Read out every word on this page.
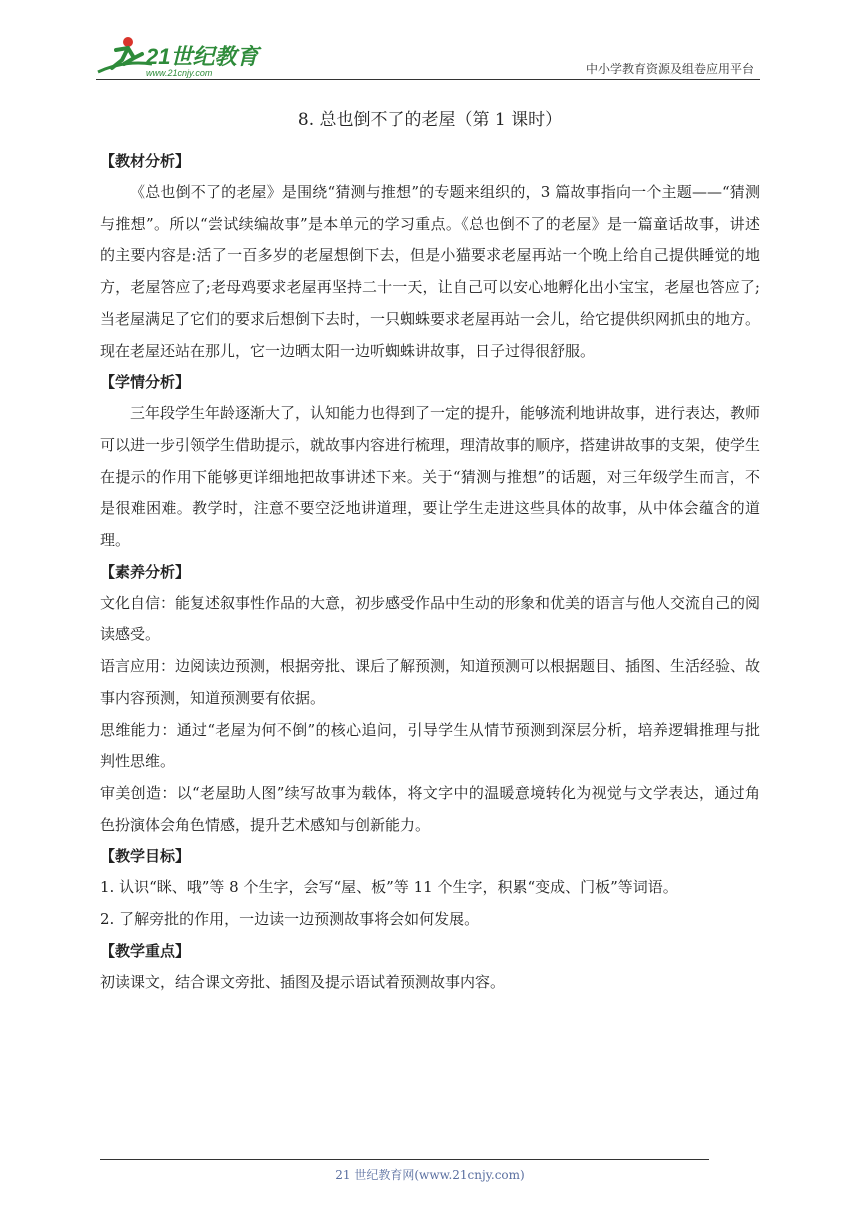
21世纪教育
www.21cnjy.com	中小学教育资源及组卷应用平台
8. 总也倒不了的老屋（第 1 课时）
【教材分析】

《总也倒不了的老屋》是围绕“猜测与推想”的专题来组织的，3 篇故事指向一个主题——“猜测与推想”。所以“尝试续编故事”是本单元的学习重点。《总也倒不了的老屋》是一篇童话故事，讲述的主要内容是:活了一百多岁的老屋想倒下去，但是小猫要求老屋再站一个晚上给自己提供睡觉的地方，老屋答应了;老母鸡要求老屋再坚持二十一天，让自己可以安心地孵化出小宝宝，老屋也答应了;当老屋满足了它们的要求后想倒下去时，一只蜘蛛要求老屋再站一会儿，给它提供织网抓虫的地方。现在老屋还站在那儿，它一边晒太阳一边听蜘蛛讲故事，日子过得很舒服。

【学情分析】

三年段学生年龄逐渐大了，认知能力也得到了一定的提升，能够流利地讲故事，进行表达，教师可以进一步引领学生借助提示，就故事内容进行梳理，理清故事的顺序，搭建讲故事的支架，使学生在提示的作用下能够更详细地把故事讲述下来。关于“猜测与推想”的话题，对三年级学生而言，不是很难困难。教学时，注意不要空泛地讲道理，要让学生走进这些具体的故事，从中体会蕴含的道理。

【素养分析】

文化自信：能复述叙事性作品的大意，初步感受作品中生动的形象和优美的语言与他人交流自己的阅读感受。

语言应用：边阅读边预测，根据旁批、课后了解预测，知道预测可以根据题目、插图、生活经验、故事内容预测，知道预测要有依据。

思维能力：通过“老屋为何不倒”的核心追问，引导学生从情节预测到深层分析，培养逻辑推理与批判性思维。

审美创造：以“老屋助人图”续写故事为载体，将文字中的温暖意境转化为视觉与文学表达，通过角色扮演体会角色情感，提升艺术感知与创新能力。

【教学目标】

1. 认识“眯、哦”等 8 个生字，会写“屋、板”等 11 个生字，积累“变成、门板”等词语。

2. 了解旁批的作用，一边读一边预测故事将会如何发展。

【教学重点】

初读课文，结合课文旁批、插图及提示语试着预测故事内容。

21 世纪教育网(www.21cnjy.com)
